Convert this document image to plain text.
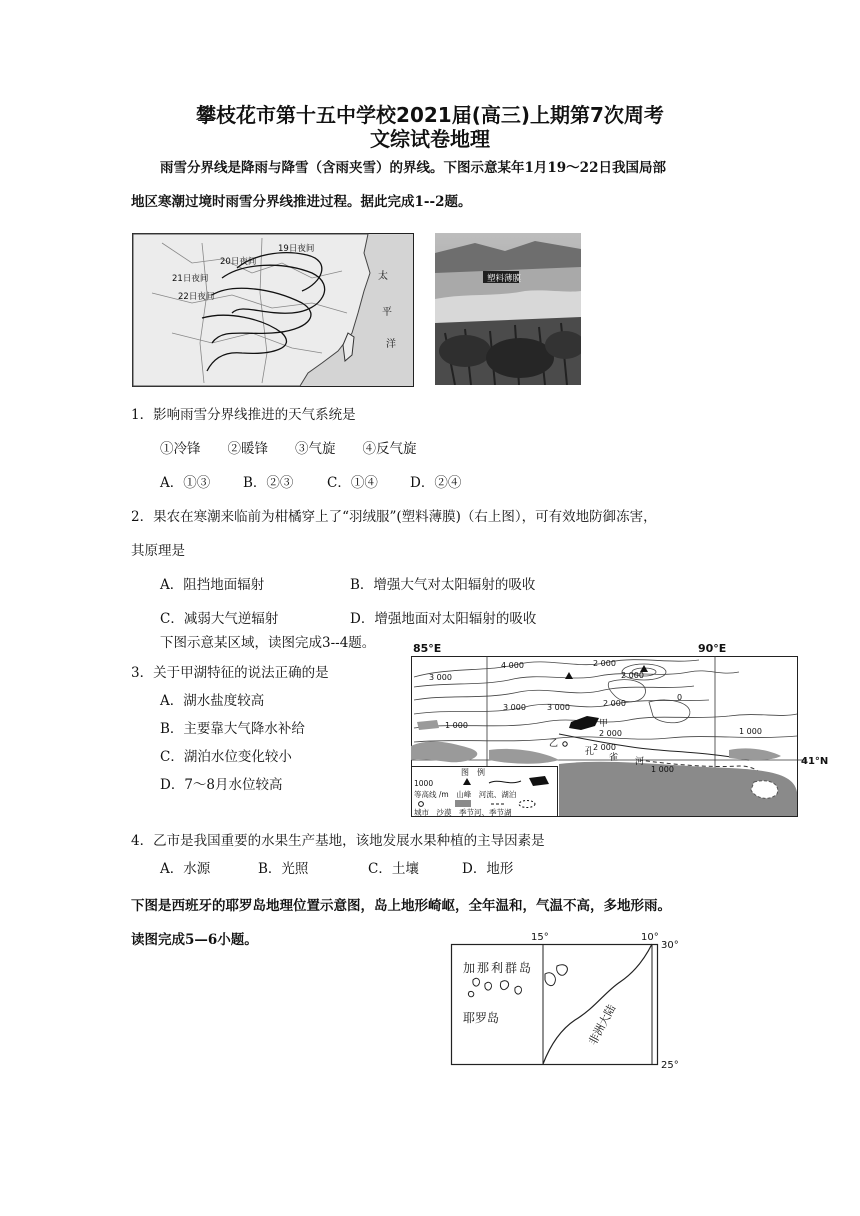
攀枝花市第十五中学校2021届(高三)上期第7次周考
文综试卷地理
雨雪分界线是降雨与降雪（含雨夹雪）的界线。下图示意某年1月19～22日我国局部
地区寒潮过境时雨雪分界线推进过程。据此完成1--2题。
19日夜间
20日夜间
21日夜间
22日夜间
太
平
洋
塑料薄膜
1．影响雨雪分界线推进的天气系统是
①冷锋　　②暖锋　　③气旋　　④反气旋
A．①③ B．②③ C．①④ D．②④
2．果农在寒潮来临前为柑橘穿上了“羽绒服”(塑料薄膜)（右上图），可有效地防御冻害，
其原理是
A．阻挡地面辐射	B．增强大气对太阳辐射的吸收
C．减弱大气逆辐射	D．增强地面对太阳辐射的吸收
下图示意某区域，读图完成3--4题。
3．关于甲湖特征的说法正确的是
A．湖水盐度较高
B．主要靠大气降水补给
C．湖泊水位变化较小
D．7～8月水位较高
85°E	90°E
41°N
4 000
3 000
3 000	3 000
2 000
2 000
2 000
2 000
2 000
1 000
1 000
1 000
0
甲
乙
孔
雀 河
图　例
1000
等高线 /m　山峰　河流、湖泊
城市　沙漠　季节河、季节湖
4．乙市是我国重要的水果生产基地，该地发展水果种植的主导因素是
A．水源	B．光照	C．土壤	D．地形
下图是西班牙的耶罗岛地理位置示意图，岛上地形崎岖，全年温和，气温不高，多地形雨。
读图完成5—6小题。	15°	10°
30°
25°
加那利群岛
耶罗岛	非洲大陆
